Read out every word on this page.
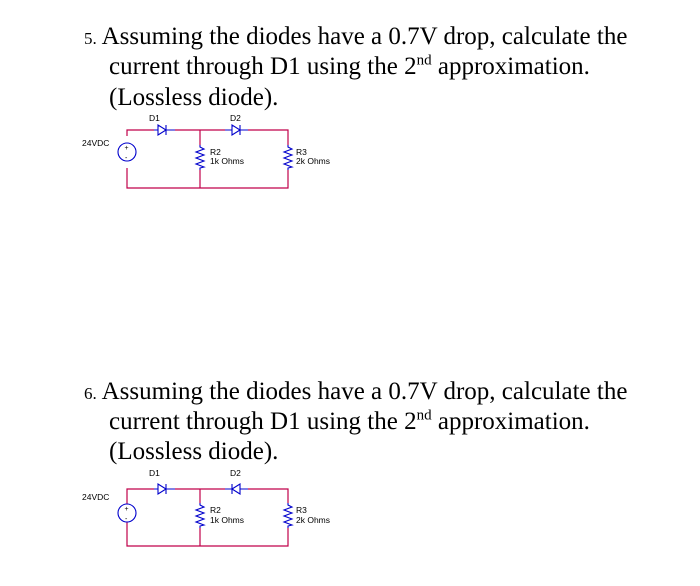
5. Assuming the diodes have a 0.7V drop, calculate the
current through D1 using the 2nd approximation.
(Lossless diode).
+
-
24VDC
D1	D2
R2
1k Ohms
R3
2k Ohms
6. Assuming the diodes have a 0.7V drop, calculate the
current through D1 using the 2nd approximation.
(Lossless diode).
+
-
24VDC
D1	D2
R2
1k Ohms
R3
2k Ohms
